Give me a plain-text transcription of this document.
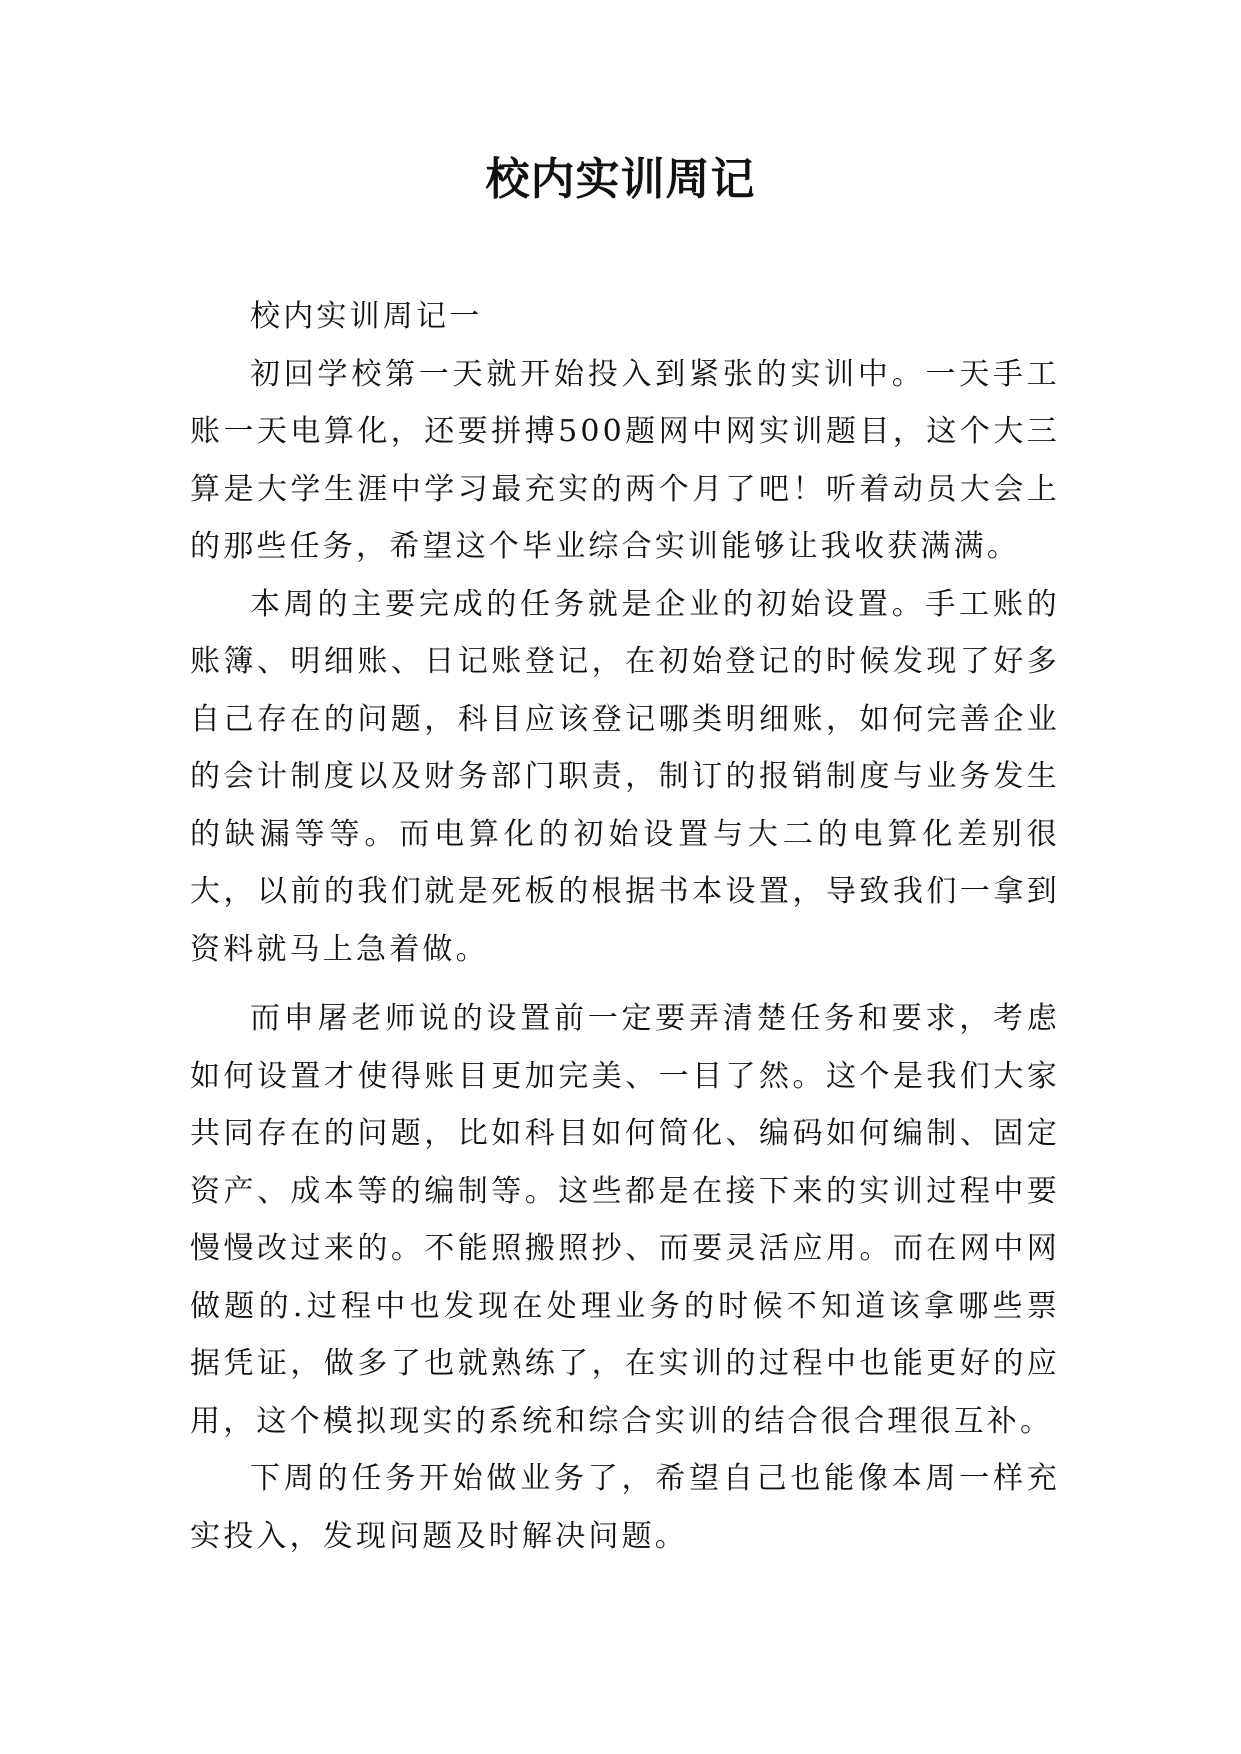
校内实训周记

校内实训周记一

初回学校第一天就开始投入到紧张的实训中。一天手工账一天电算化，还要拼搏500题网中网实训题目，这个大三算是大学生涯中学习最充实的两个月了吧！听着动员大会上的那些任务，希望这个毕业综合实训能够让我收获满满。

本周的主要完成的任务就是企业的初始设置。手工账的账簿、明细账、日记账登记，在初始登记的时候发现了好多自己存在的问题，科目应该登记哪类明细账，如何完善企业的会计制度以及财务部门职责，制订的报销制度与业务发生的缺漏等等。而电算化的初始设置与大二的电算化差别很大，以前的我们就是死板的根据书本设置，导致我们一拿到资料就马上急着做。

而申屠老师说的设置前一定要弄清楚任务和要求，考虑如何设置才使得账目更加完美、一目了然。这个是我们大家共同存在的问题，比如科目如何简化、编码如何编制、固定资产、成本等的编制等。这些都是在接下来的实训过程中要慢慢改过来的。不能照搬照抄、而要灵活应用。而在网中网做题的.过程中也发现在处理业务的时候不知道该拿哪些票据凭证，做多了也就熟练了，在实训的过程中也能更好的应用，这个模拟现实的系统和综合实训的结合很合理很互补。

下周的任务开始做业务了，希望自己也能像本周一样充实投入，发现问题及时解决问题。
